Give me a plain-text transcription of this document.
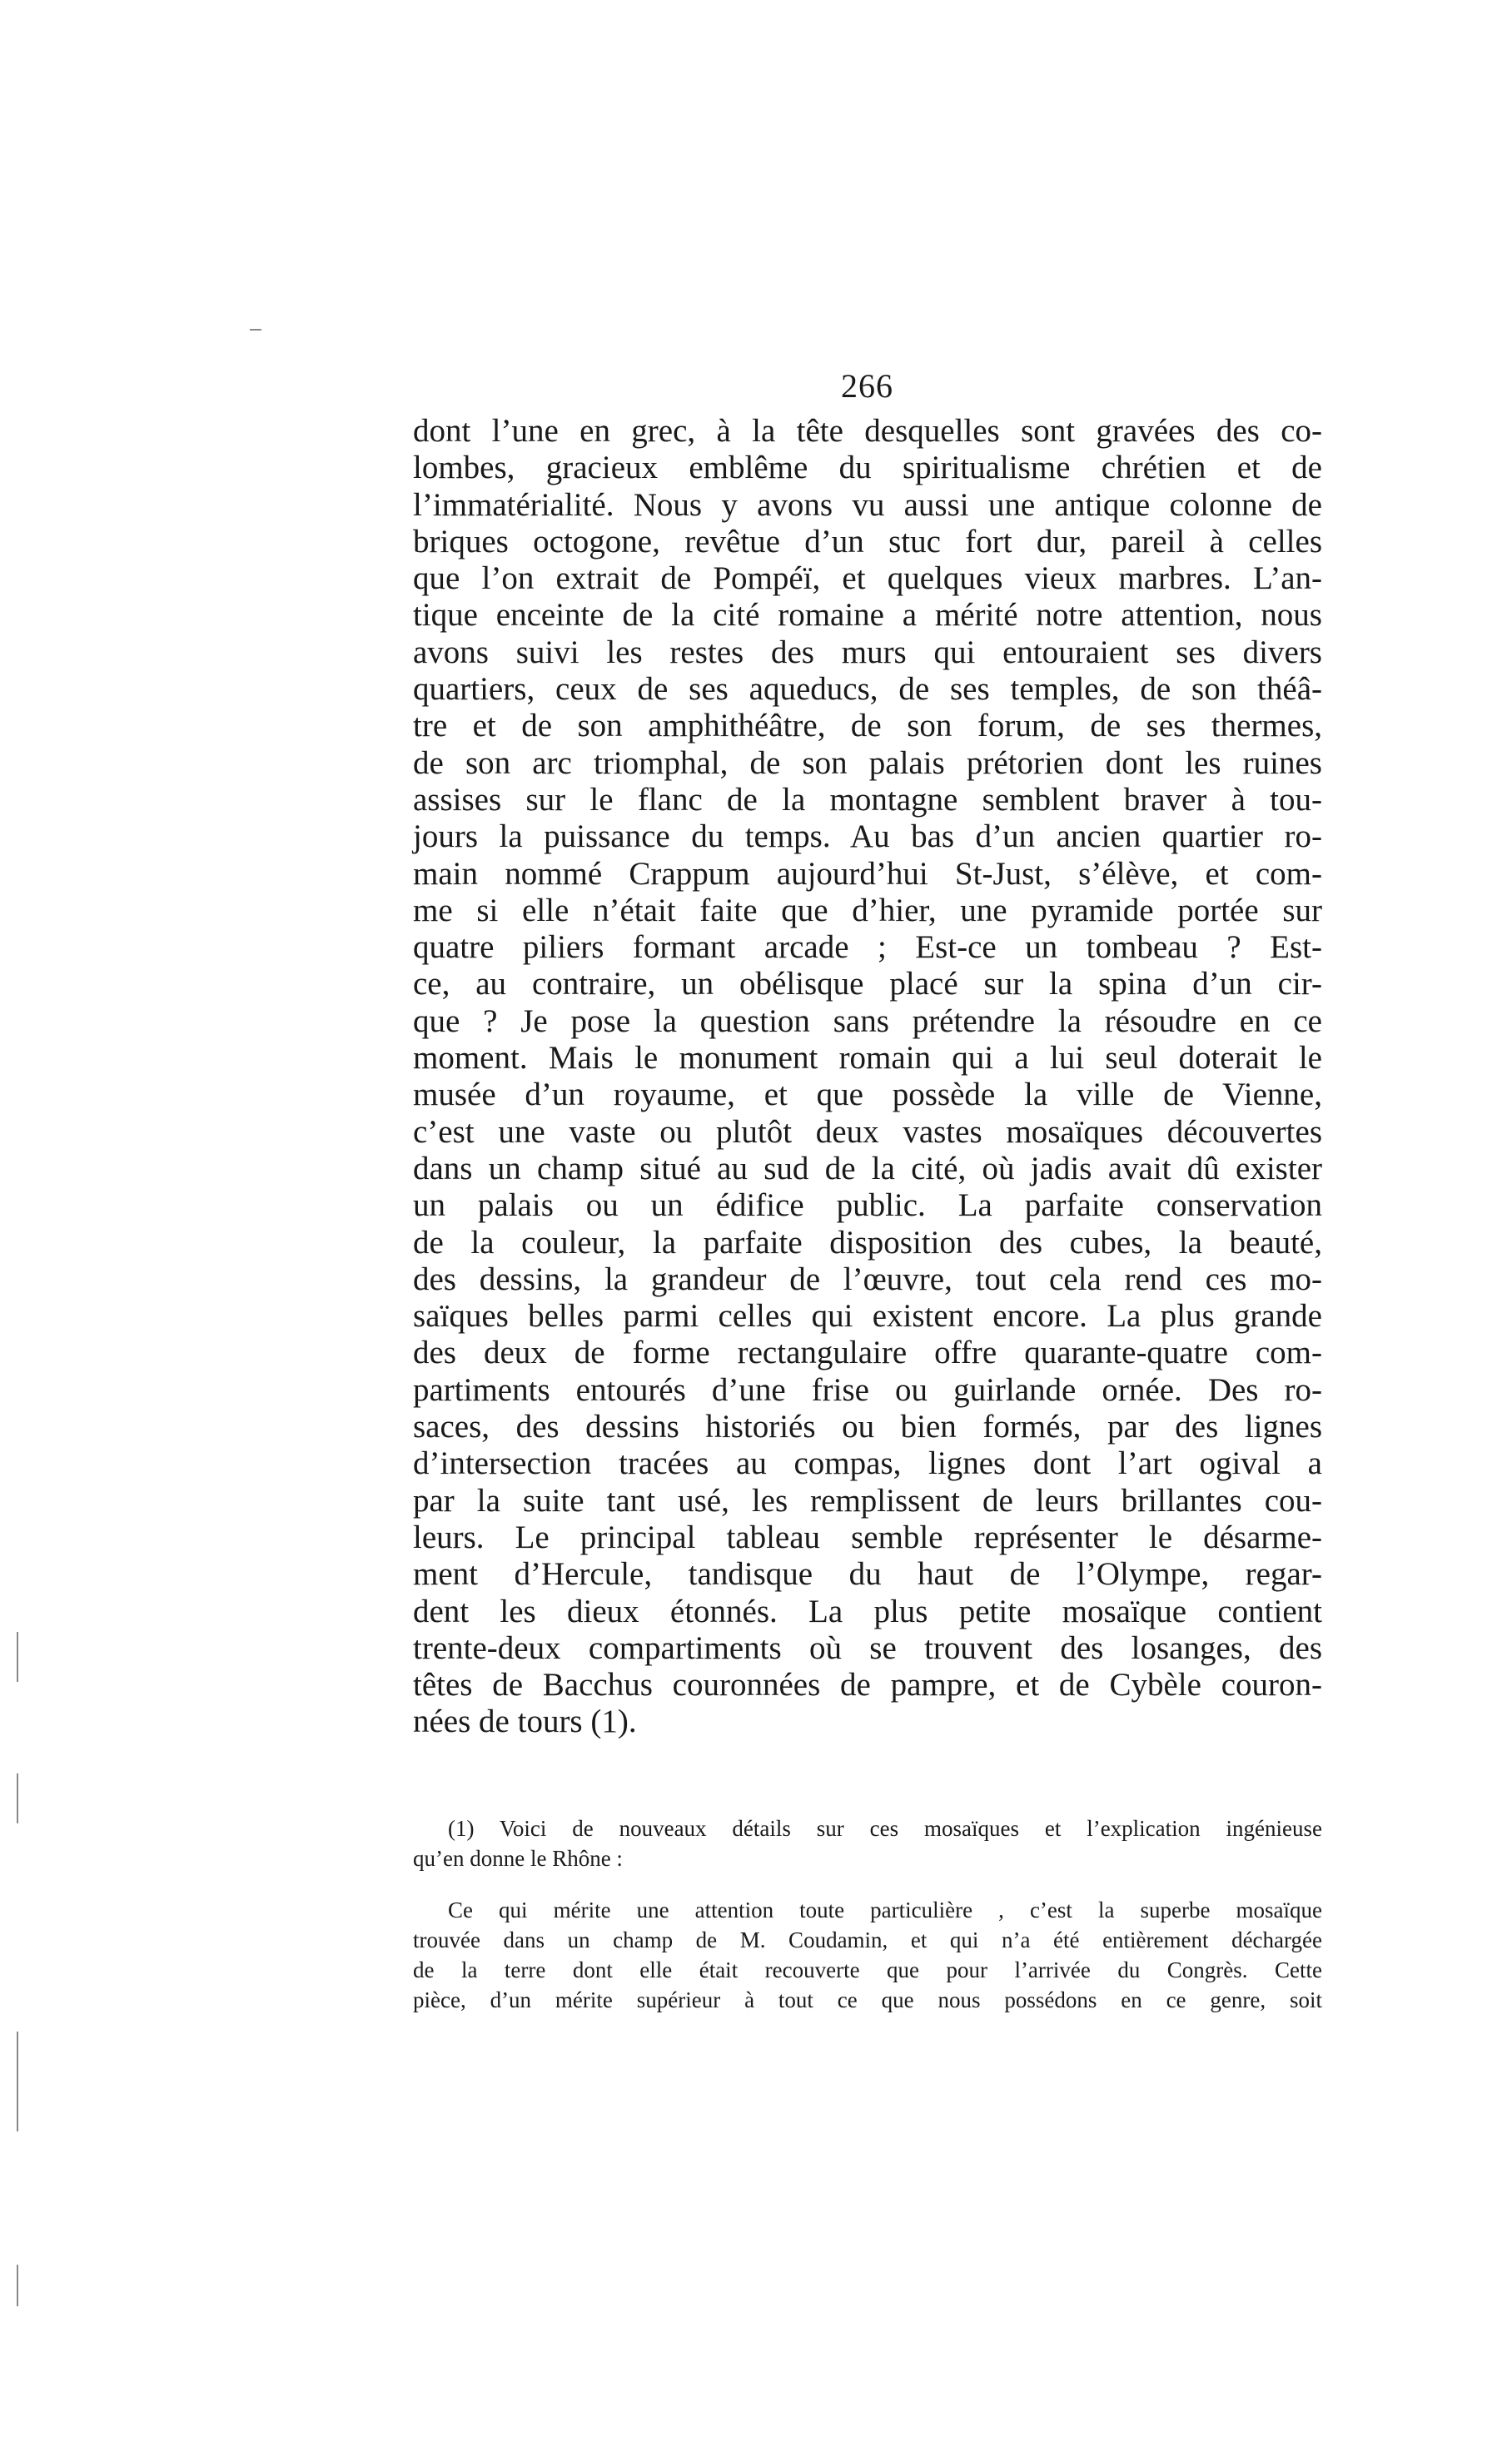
266
dont l’une en grec, à la tête desquelles sont gravées des co-
lombes, gracieux emblême du spiritualisme chrétien et de
l’immatérialité. Nous y avons vu aussi une antique colonne de
briques octogone, revêtue d’un stuc fort dur, pareil à celles
que l’on extrait de Pompéï, et quelques vieux marbres. L’an-
tique enceinte de la cité romaine a mérité notre attention, nous
avons suivi les restes des murs qui entouraient ses divers
quartiers, ceux de ses aqueducs, de ses temples, de son théâ-
tre et de son amphithéâtre, de son forum, de ses thermes,
de son arc triomphal, de son palais prétorien dont les ruines
assises sur le flanc de la montagne semblent braver à tou-
jours la puissance du temps. Au bas d’un ancien quartier ro-
main nommé Crappum aujourd’hui St-Just, s’élève, et com-
me si elle n’était faite que d’hier, une pyramide portée sur
quatre piliers formant arcade ; Est-ce un tombeau ? Est-
ce, au contraire, un obélisque placé sur la spina d’un cir-
que ? Je pose la question sans prétendre la résoudre en ce
moment. Mais le monument romain qui a lui seul doterait le
musée d’un royaume, et que possède la ville de Vienne,
c’est une vaste ou plutôt deux vastes mosaïques découvertes
dans un champ situé au sud de la cité, où jadis avait dû exister
un palais ou un édifice public. La parfaite conservation
de la couleur, la parfaite disposition des cubes, la beauté,
des dessins, la grandeur de l’œuvre, tout cela rend ces mo-
saïques belles parmi celles qui existent encore. La plus grande
des deux de forme rectangulaire offre quarante-quatre com-
partiments entourés d’une frise ou guirlande ornée. Des ro-
saces, des dessins historiés ou bien formés, par des lignes
d’intersection tracées au compas, lignes dont l’art ogival a
par la suite tant usé, les remplissent de leurs brillantes cou-
leurs. Le principal tableau semble représenter le désarme-
ment d’Hercule, tandisque du haut de l’Olympe, regar-
dent les dieux étonnés. La plus petite mosaïque contient
trente-deux compartiments où se trouvent des losanges, des
têtes de Bacchus couronnées de pampre, et de Cybèle couron-
nées de tours (1).
(1) Voici de nouveaux détails sur ces mosaïques et l’explication ingénieuse
qu’en donne le Rhône :
Ce qui mérite une attention toute particulière , c’est la superbe mosaïque
trouvée dans un champ de M. Coudamin, et qui n’a été entièrement déchargée
de la terre dont elle était recouverte que pour l’arrivée du Congrès. Cette
pièce, d’un mérite supérieur à tout ce que nous possédons en ce genre, soit
